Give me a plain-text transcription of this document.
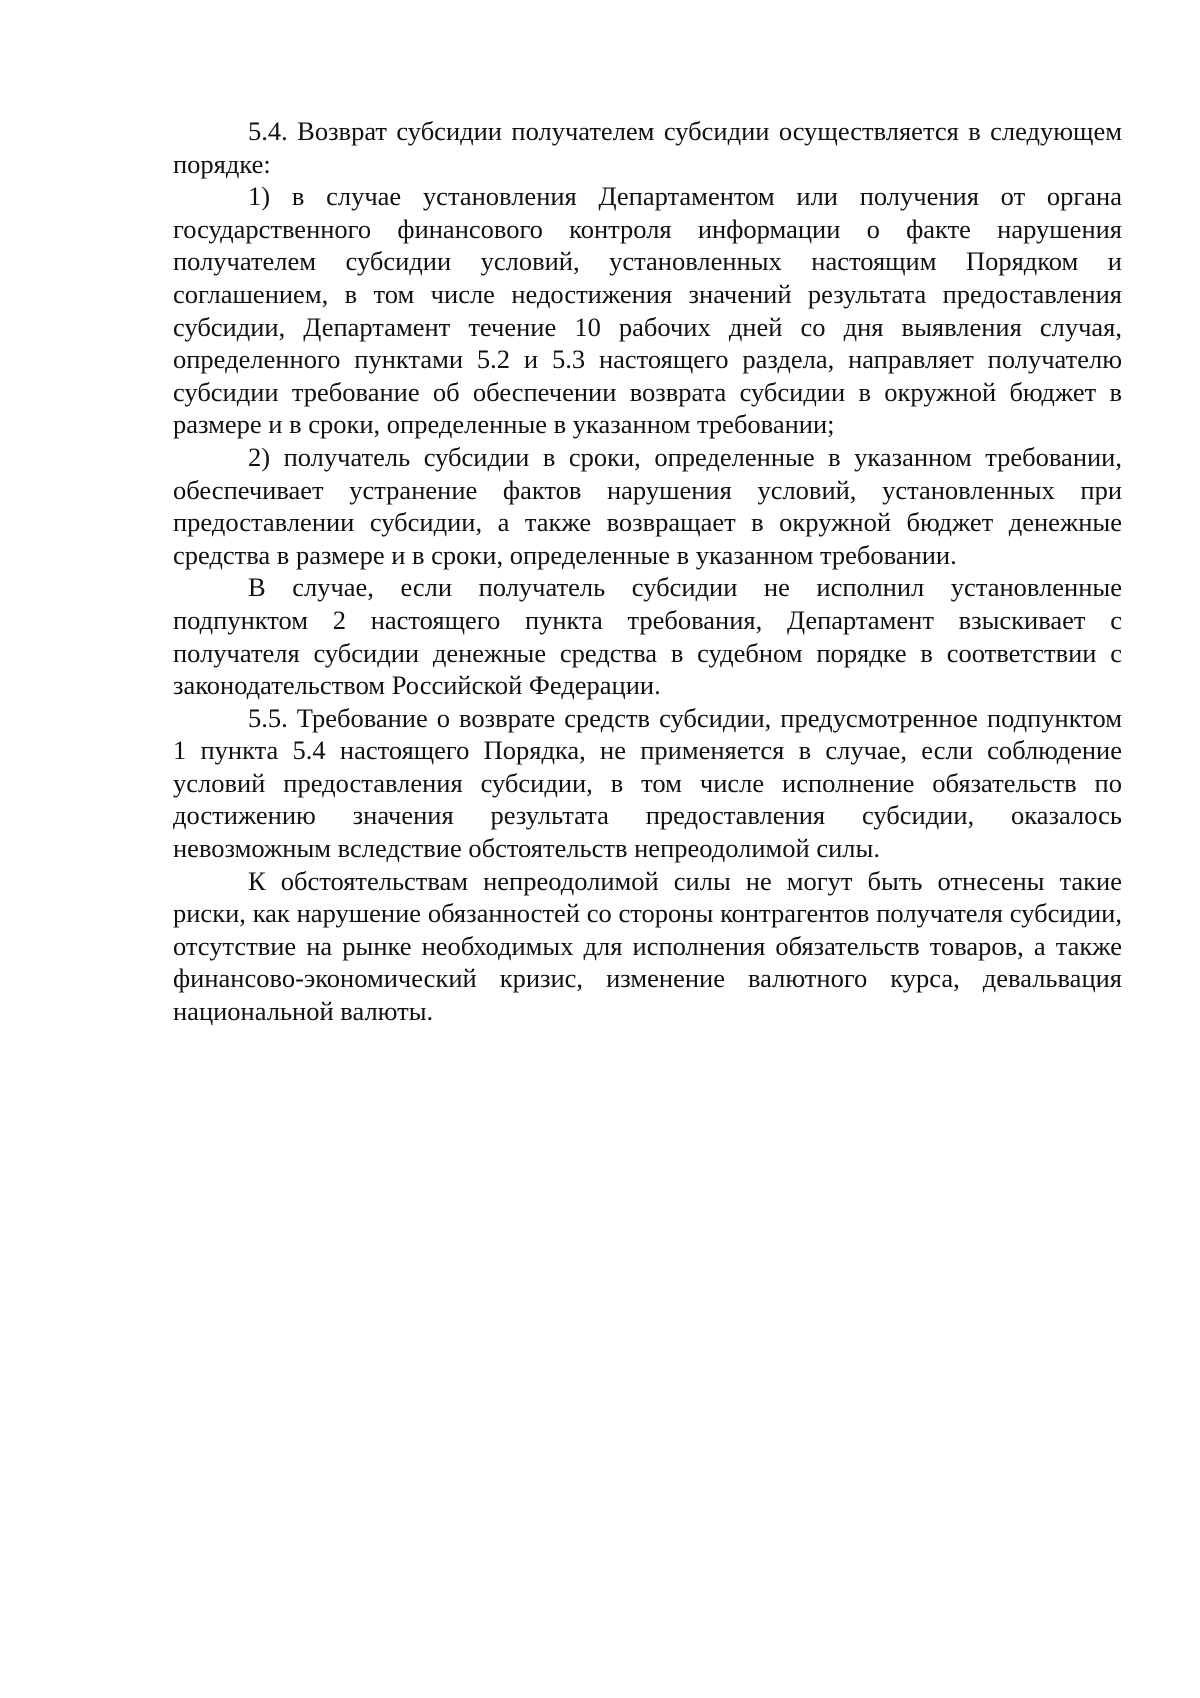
5.4. Возврат субсидии получателем субсидии осуществляется в следующем порядке:

1) в случае установления Департаментом или получения от органа государственного финансового контроля информации о факте нарушения получателем субсидии условий, установленных настоящим Порядком и соглашением, в том числе недостижения значений результата предоставления субсидии, Департамент течение 10 рабочих дней со дня выявления случая, определенного пунктами 5.2 и 5.3 настоящего раздела, направляет получателю субсидии требование об обеспечении возврата субсидии в окружной бюджет в размере и в сроки, определенные в указанном требовании;

2) получатель субсидии в сроки, определенные в указанном требовании, обеспечивает устранение фактов нарушения условий, установленных при предоставлении субсидии, а также возвращает в окружной бюджет денежные средства в размере и в сроки, определенные в указанном требовании.

В случае, если получатель субсидии не исполнил установленные подпунктом 2 настоящего пункта требования, Департамент взыскивает с получателя субсидии денежные средства в судебном порядке в соответствии с законодательством Российской Федерации.

5.5. Требование о возврате средств субсидии, предусмотренное подпунктом 1 пункта 5.4 настоящего Порядка, не применяется в случае, если соблюдение условий предоставления субсидии, в том числе исполнение обязательств по достижению значения результата предоставления субсидии, оказалось невозможным вследствие обстоятельств непреодолимой силы.

К обстоятельствам непреодолимой силы не могут быть отнесены такие риски, как нарушение обязанностей со стороны контрагентов получателя субсидии, отсутствие на рынке необходимых для исполнения обязательств товаров, а также финансово-экономический кризис, изменение валютного курса, девальвация национальной валюты.
